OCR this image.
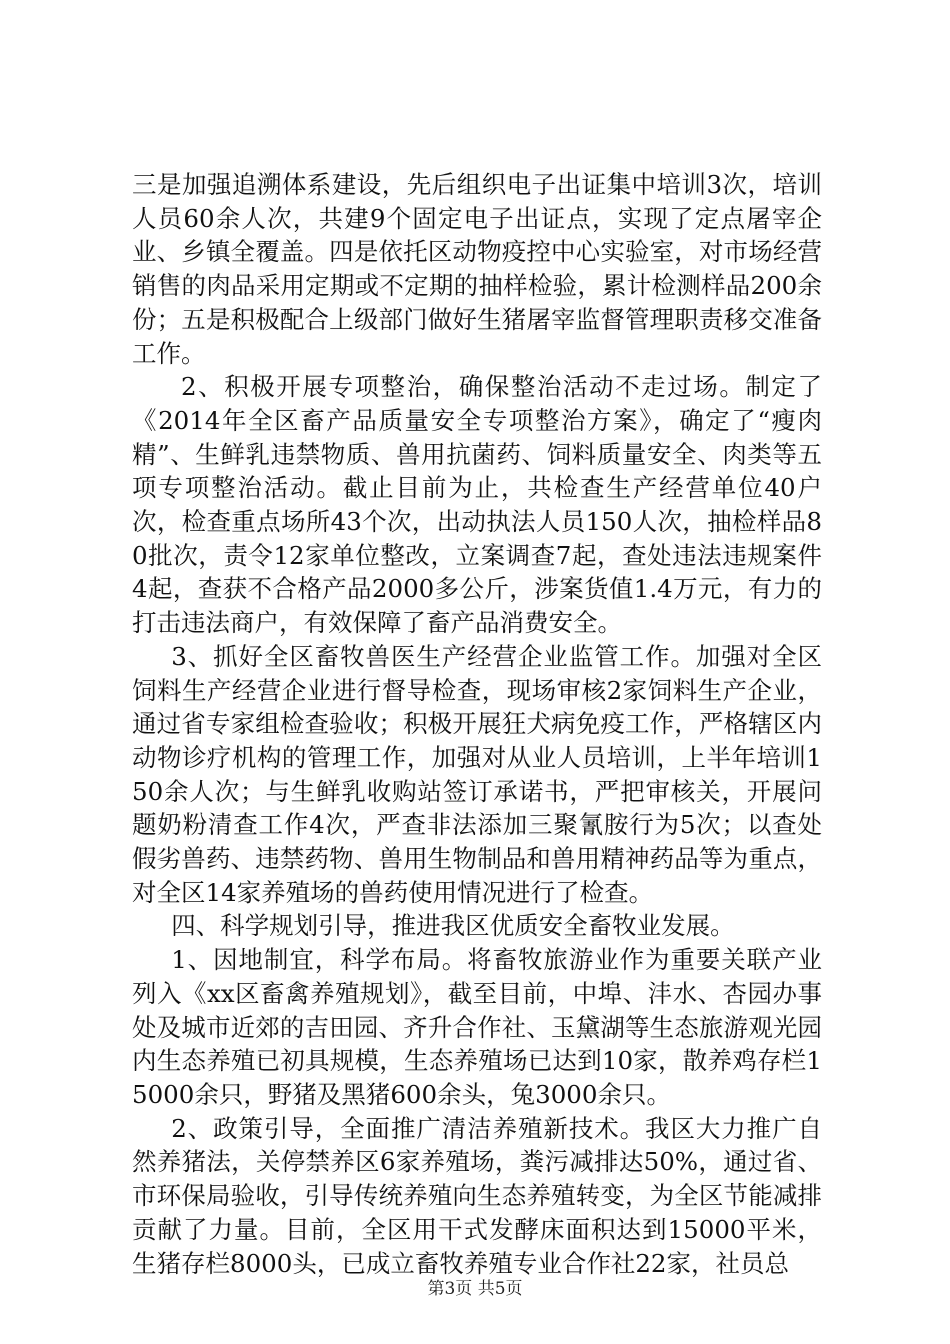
三是加强追溯体系建设，先后组织电子出证集中培训3次，培训人员60余人次，共建9个固定电子出证点，实现了定点屠宰企业、乡镇全覆盖。四是依托区动物疫控中心实验室，对市场经营销售的肉品采用定期或不定期的抽样检验，累计检测样品200余份；五是积极配合上级部门做好生猪屠宰监督管理职责移交准备工作。

2、积极开展专项整治，确保整治活动不走过场。制定了《2014年全区畜产品质量安全专项整治方案》，确定了“瘦肉精”、生鲜乳违禁物质、兽用抗菌药、饲料质量安全、肉类等五项专项整治活动。截止目前为止，共检查生产经营单位40户次，检查重点场所43个次，出动执法人员150人次，抽检样品80批次，责令12家单位整改，立案调查7起，查处违法违规案件4起，查获不合格产品2000多公斤，涉案货值1.4万元，有力的打击违法商户，有效保障了畜产品消费安全。

3、抓好全区畜牧兽医生产经营企业监管工作。加强对全区饲料生产经营企业进行督导检查，现场审核2家饲料生产企业，通过省专家组检查验收；积极开展狂犬病免疫工作，严格辖区内动物诊疗机构的管理工作，加强对从业人员培训，上半年培训150余人次；与生鲜乳收购站签订承诺书，严把审核关，开展问题奶粉清查工作4次，严查非法添加三聚氰胺行为5次；以查处假劣兽药、违禁药物、兽用生物制品和兽用精神药品等为重点，对全区14家养殖场的兽药使用情况进行了检查。

四、科学规划引导，推进我区优质安全畜牧业发展。

1、因地制宜，科学布局。将畜牧旅游业作为重要关联产业列入《xx区畜禽养殖规划》，截至目前，中埠、沣水、杏园办事处及城市近郊的吉田园、齐升合作社、玉黛湖等生态旅游观光园内生态养殖已初具规模，生态养殖场已达到10家，散养鸡存栏15000余只，野猪及黑猪600余头，兔3000余只。

2、政策引导，全面推广清洁养殖新技术。我区大力推广自然养猪法，关停禁养区6家养殖场，粪污减排达50%，通过省、市环保局验收，引导传统养殖向生态养殖转变，为全区节能减排贡献了力量。目前，全区用干式发酵床面积达到15000平米，生猪存栏8000头，已成立畜牧养殖专业合作社22家，社员总

第3页 共5页
